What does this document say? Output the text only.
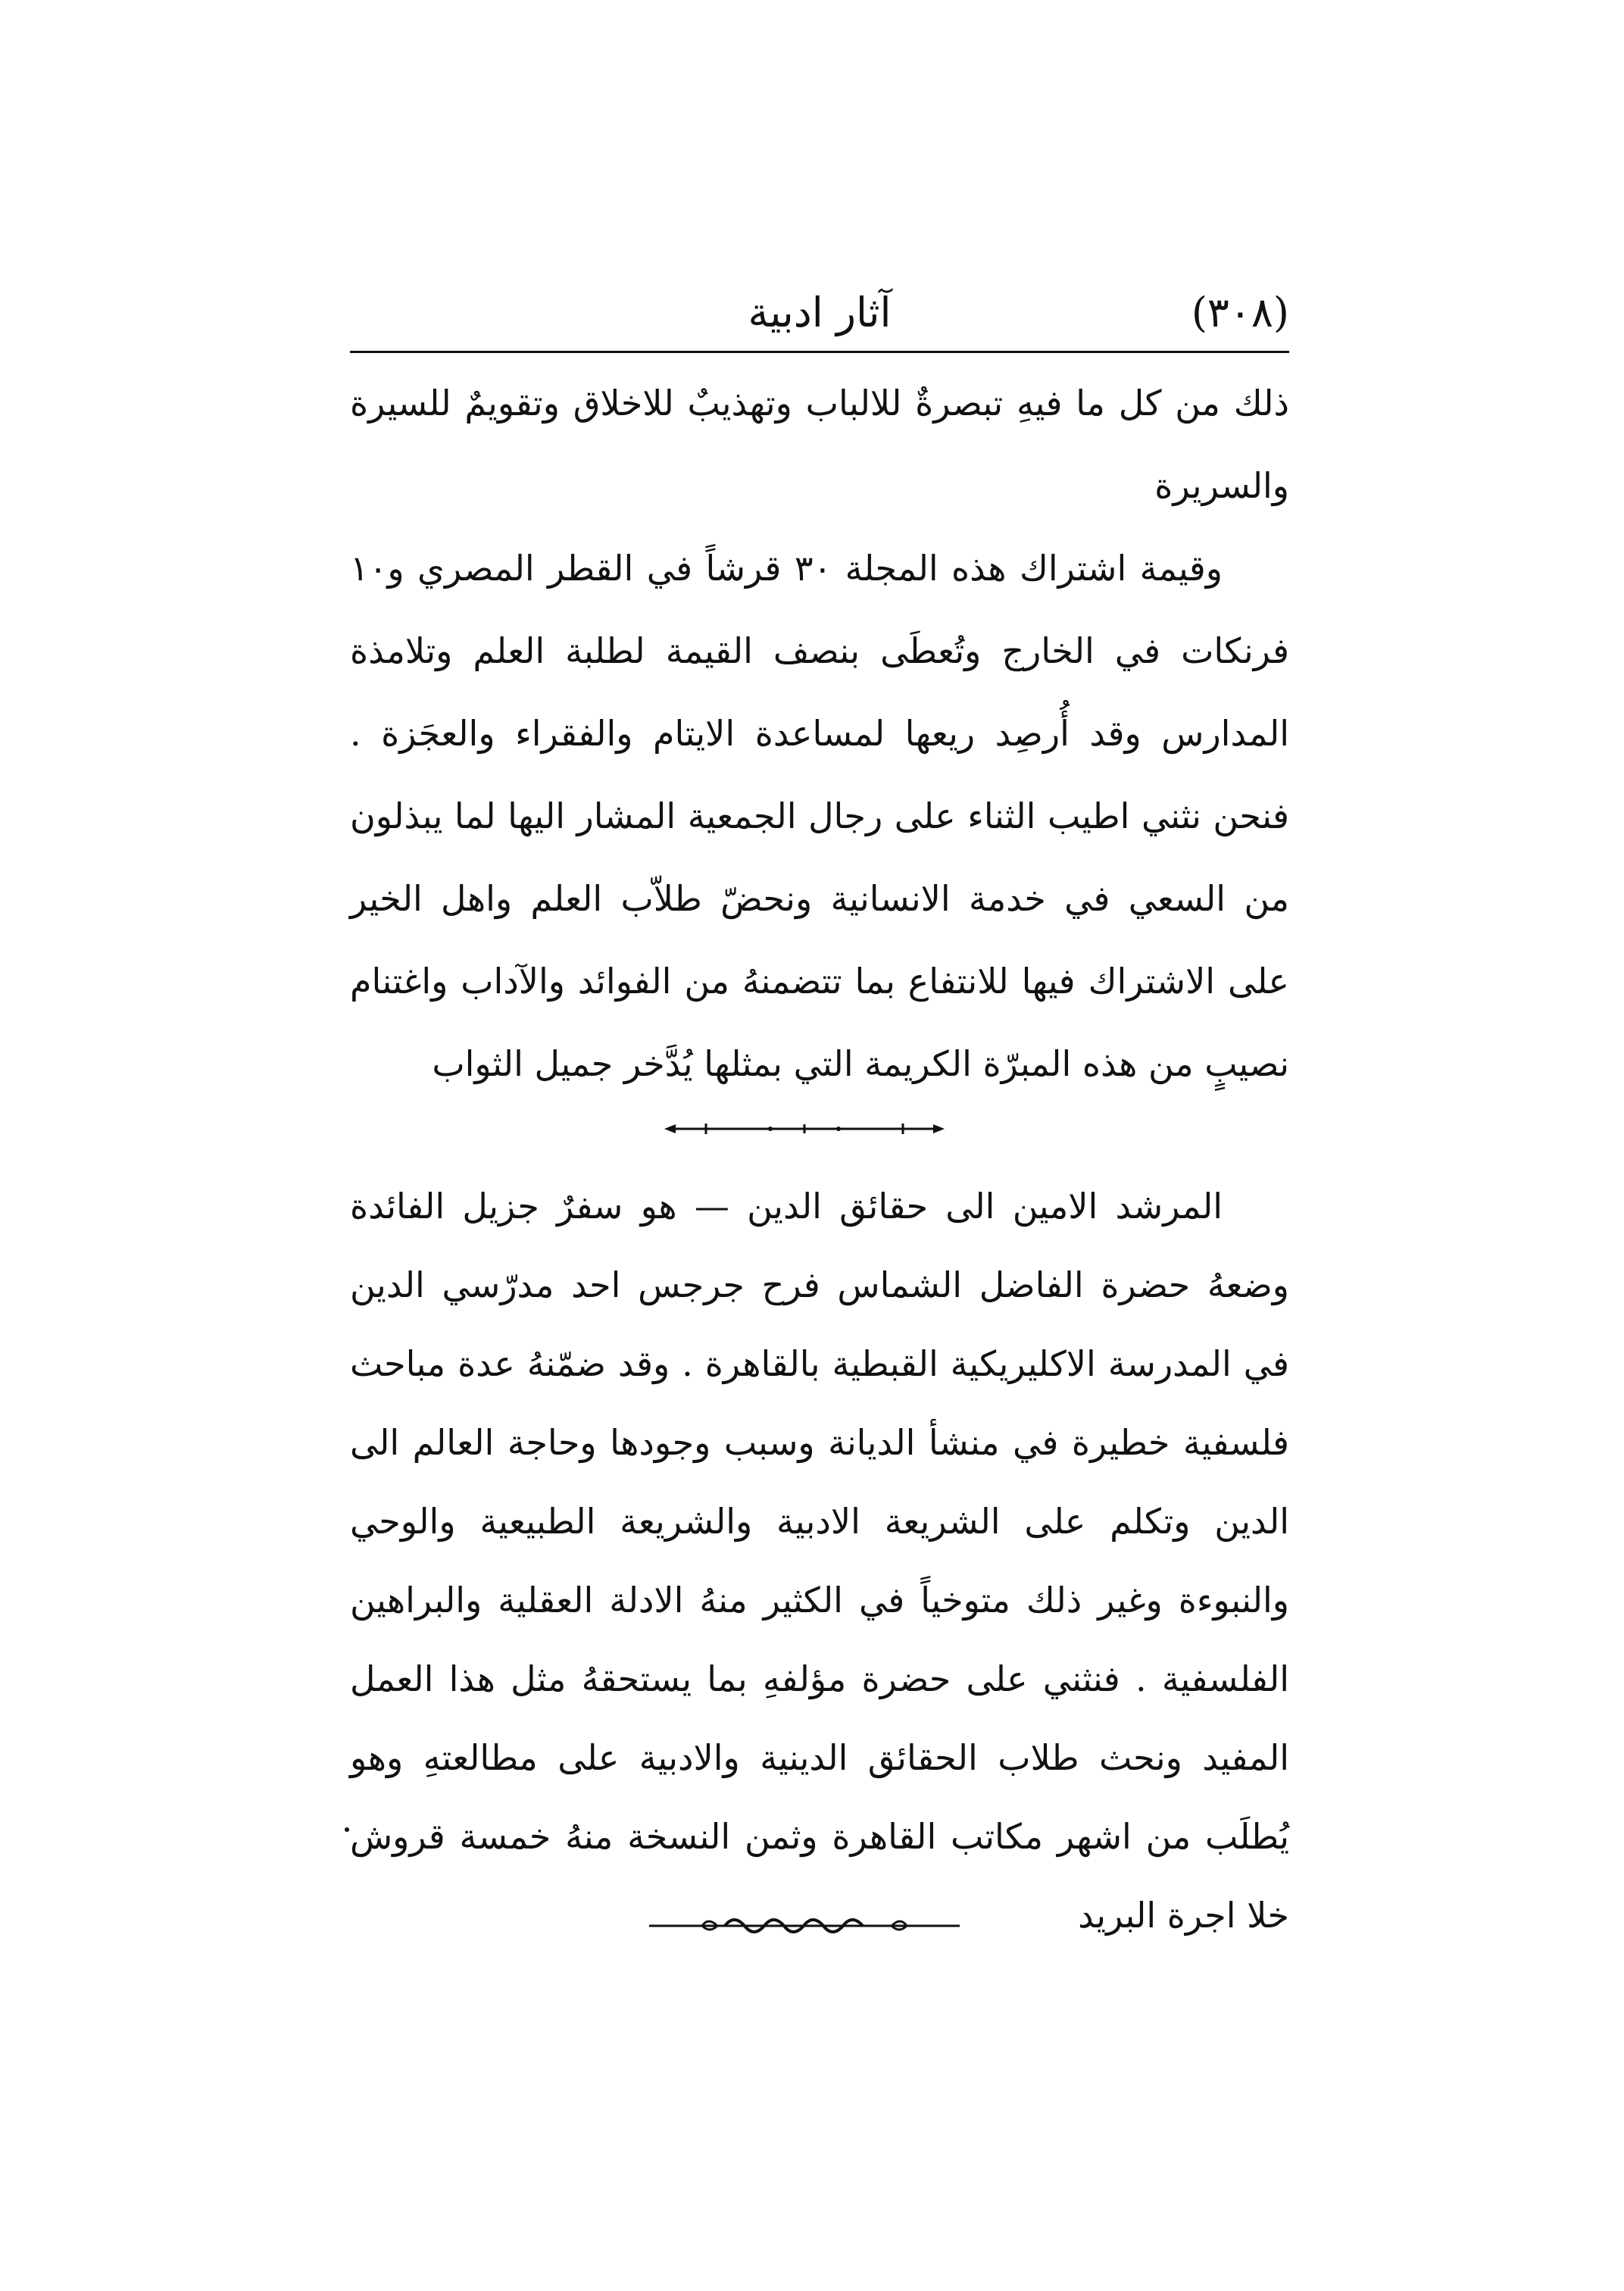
(٣٠٨)
آثار ادبية

ذلك من كل ما فيهِ تبصرةٌ للالباب وتهذيبٌ للاخلاق وتقويمٌ للسيرة والسريرة

وقيمة اشتراك هذه المجلة ٣٠ قرشاً في القطر المصري و١٠ فرنكات في الخارج وتُعطَى بنصف القيمة لطلبة العلم وتلامذة المدارس وقد أُرصِد ريعها لمساعدة الايتام والفقراء والعجَزة . فنحن نثني اطيب الثناء على رجال الجمعية المشار اليها لما يبذلون من السعي في خدمة الانسانية ونحضّ طلاّب العلم واهل الخير على الاشتراك فيها للانتفاع بما تتضمنهُ من الفوائد والآداب واغتنام نصيبٍ من هذه المبرّة الكريمة التي بمثلها يُدَّخر جميل الثواب

المرشد الامين الى حقائق الدين — هو سفرٌ جزيل الفائدة وضعهُ حضرة الفاضل الشماس فرح جرجس احد مدرّسي الدين في المدرسة الاكليريكية القبطية بالقاهرة . وقد ضمّنهُ عدة مباحث فلسفية خطيرة في منشأ الديانة وسبب وجودها وحاجة العالم الى الدين وتكلم على الشريعة الادبية والشريعة الطبيعية والوحي والنبوءة وغير ذلك متوخياً في الكثير منهُ الادلة العقلية والبراهين الفلسفية . فنثني على حضرة مؤلفهِ بما يستحقهُ مثل هذا العمل المفيد ونحث طلاب الحقائق الدينية والادبية على مطالعتهِ وهو يُطلَب من اشهر مكاتب القاهرة وثمن النسخة منهُ خمسة قروش خلا اجرة البريد
